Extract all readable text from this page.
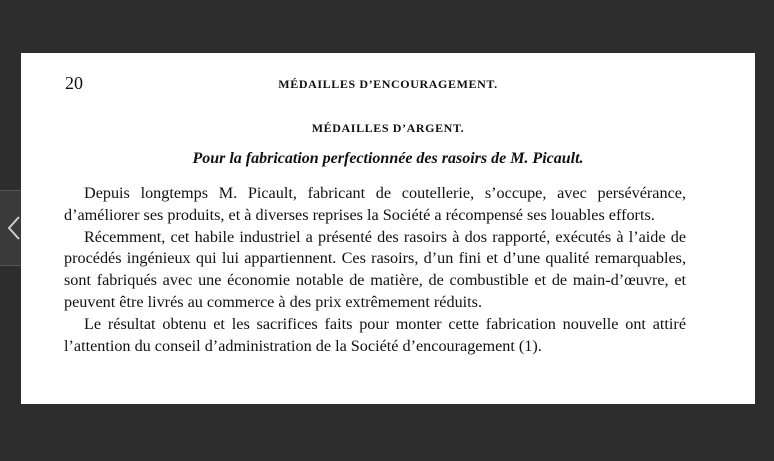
20	MÉDAILLES D’ENCOURAGEMENT.
MÉDAILLES D’ARGENT.
Pour la fabrication perfectionnée des rasoirs de M. Picault.

Depuis longtemps M. Picault, fabricant de coutellerie, s’occupe, avec persévérance, d’améliorer ses produits, et à diverses reprises la Société a récompensé ses louables efforts.

Récemment, cet habile industriel a présenté des rasoirs à dos rapporté, exécutés à l’aide de procédés ingénieux qui lui appartiennent. Ces rasoirs, d’un fini et d’une qualité remarquables, sont fabriqués avec une économie notable de matière, de combustible et de main-d’œuvre, et peuvent être livrés au commerce à des prix extrêmement réduits.

Le résultat obtenu et les sacrifices faits pour monter cette fabrication nouvelle ont attiré l’attention du conseil d’administration de la Société d’encouragement (1).
